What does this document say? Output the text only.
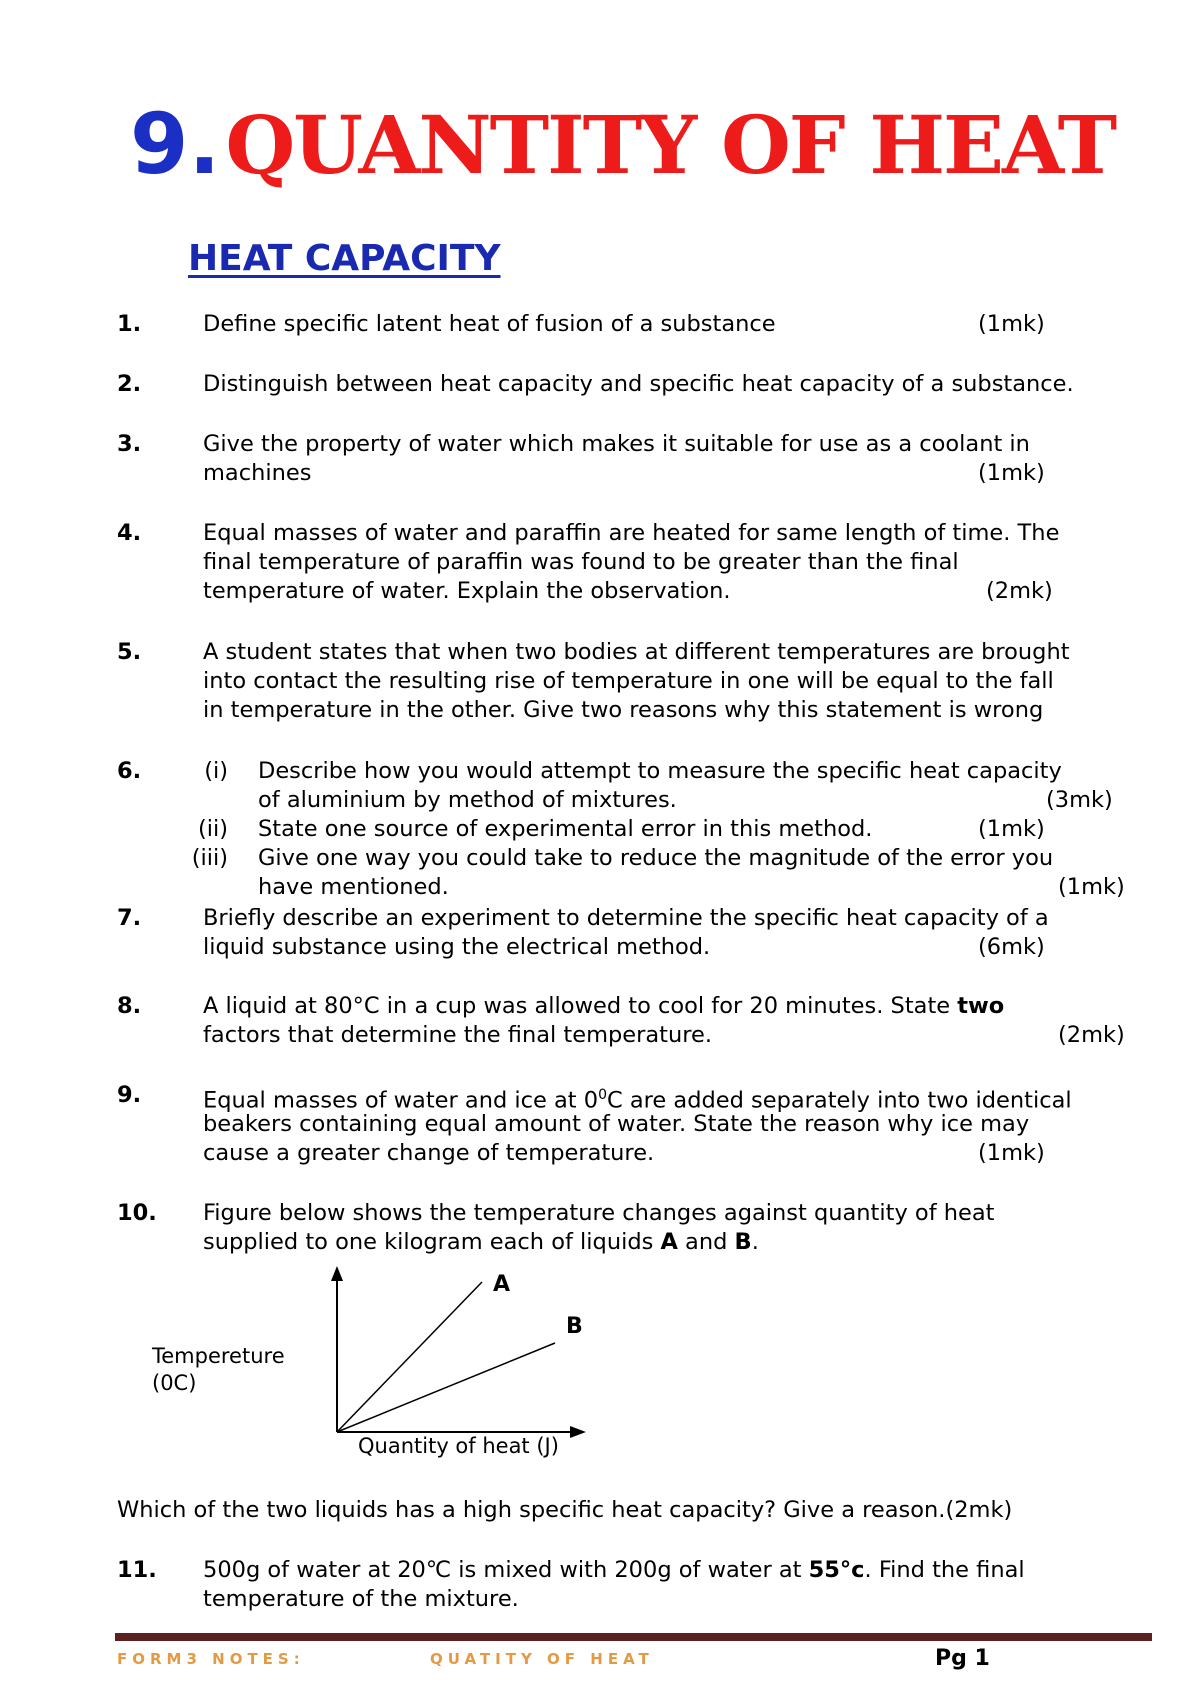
9. QUANTITY OF HEAT
HEAT CAPACITY
1.	Define specific latent heat of fusion of a substance	(1mk)
2.	Distinguish between heat capacity and specific heat capacity of a substance.
3.	Give the property of water which makes it suitable for use as a coolant in
machines	(1mk)
4.	Equal masses of water and paraffin are heated for same length of time. The
final temperature of paraffin was found to be greater than the final
temperature of water. Explain the observation.	(2mk)
5.	A student states that when two bodies at different temperatures are brought
into contact the resulting rise of temperature in one will be equal to the fall
in temperature in the other. Give two reasons why this statement is wrong
6.	(i) Describe how you would attempt to measure the specific heat capacity
of aluminium by method of mixtures.	(3mk)
(ii) State one source of experimental error in this method.	(1mk)
(iii) Give one way you could take to reduce the magnitude of the error you
have mentioned.	(1mk)
7.	Briefly describe an experiment to determine the specific heat capacity of a
liquid substance using the electrical method.	(6mk)
8.	A liquid at 80°C in a cup was allowed to cool for 20 minutes. State two
factors that determine the final temperature.	(2mk)
9.	Equal masses of water and ice at $0^0C$ are added separately into two identical
beakers containing equal amount of water. State the reason why ice may
cause a greater change of temperature.	(1mk)
10. Figure below shows the temperature changes against quantity of heat
supplied to one kilogram each of liquids A and B.
A
B
Tempereture
(0C)
Quantity of heat (J)
Which of the two liquids has a high specific heat capacity? Give a reason.(2mk)
11. 500g of water at 20℃ is mixed with 200g of water at 55°c. Find the final
temperature of the mixture.
FORM3 NOTES:	QUATITY OF HEAT	Pg 1
